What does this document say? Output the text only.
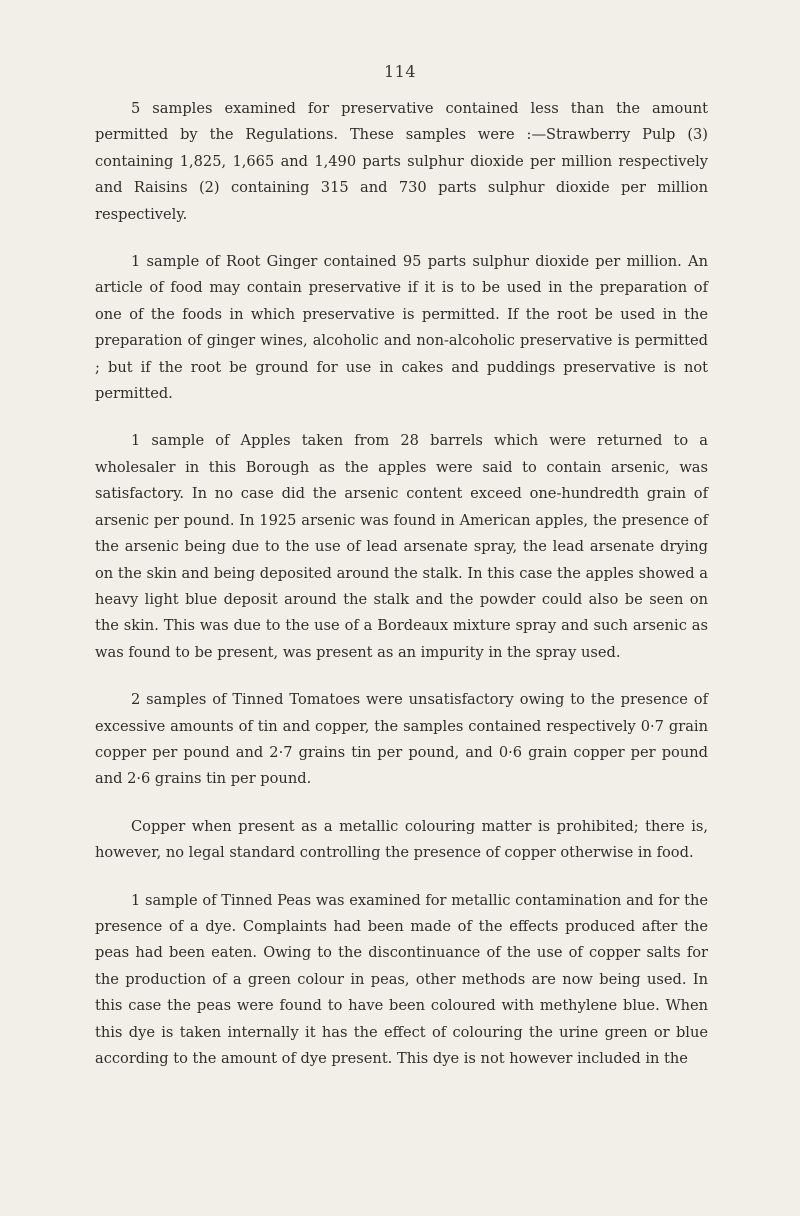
114

5 samples examined for preservative contained less than the amount permitted by the Regulations. These samples were :—Strawberry Pulp (3) containing 1,825, 1,665 and 1,490 parts sulphur dioxide per million respectively and Raisins (2) containing 315 and 730 parts sulphur dioxide per million respectively.

1 sample of Root Ginger contained 95 parts sulphur dioxide per million. An article of food may contain preservative if it is to be used in the preparation of one of the foods in which preservative is permitted. If the root be used in the preparation of ginger wines, alcoholic and non-alcoholic preservative is permitted ; but if the root be ground for use in cakes and puddings preservative is not permitted.

1 sample of Apples taken from 28 barrels which were returned to a wholesaler in this Borough as the apples were said to contain arsenic, was satisfactory. In no case did the arsenic content exceed one-hundredth grain of arsenic per pound. In 1925 arsenic was found in American apples, the presence of the arsenic being due to the use of lead arsenate spray, the lead arsenate drying on the skin and being deposited around the stalk. In this case the apples showed a heavy light blue deposit around the stalk and the powder could also be seen on the skin. This was due to the use of a Bordeaux mixture spray and such arsenic as was found to be present, was present as an impurity in the spray used.

2 samples of Tinned Tomatoes were unsatisfactory owing to the presence of excessive amounts of tin and copper, the samples contained respectively 0·7 grain copper per pound and 2·7 grains tin per pound, and 0·6 grain copper per pound and 2·6 grains tin per pound.

Copper when present as a metallic colouring matter is prohibited; there is, however, no legal standard controlling the presence of copper otherwise in food.

1 sample of Tinned Peas was examined for metallic contamination and for the presence of a dye. Complaints had been made of the effects produced after the peas had been eaten. Owing to the discontinuance of the use of copper salts for the production of a green colour in peas, other methods are now being used. In this case the peas were found to have been coloured with methylene blue. When this dye is taken internally it has the effect of colouring the urine green or blue according to the amount of dye present. This dye is not however included in the
